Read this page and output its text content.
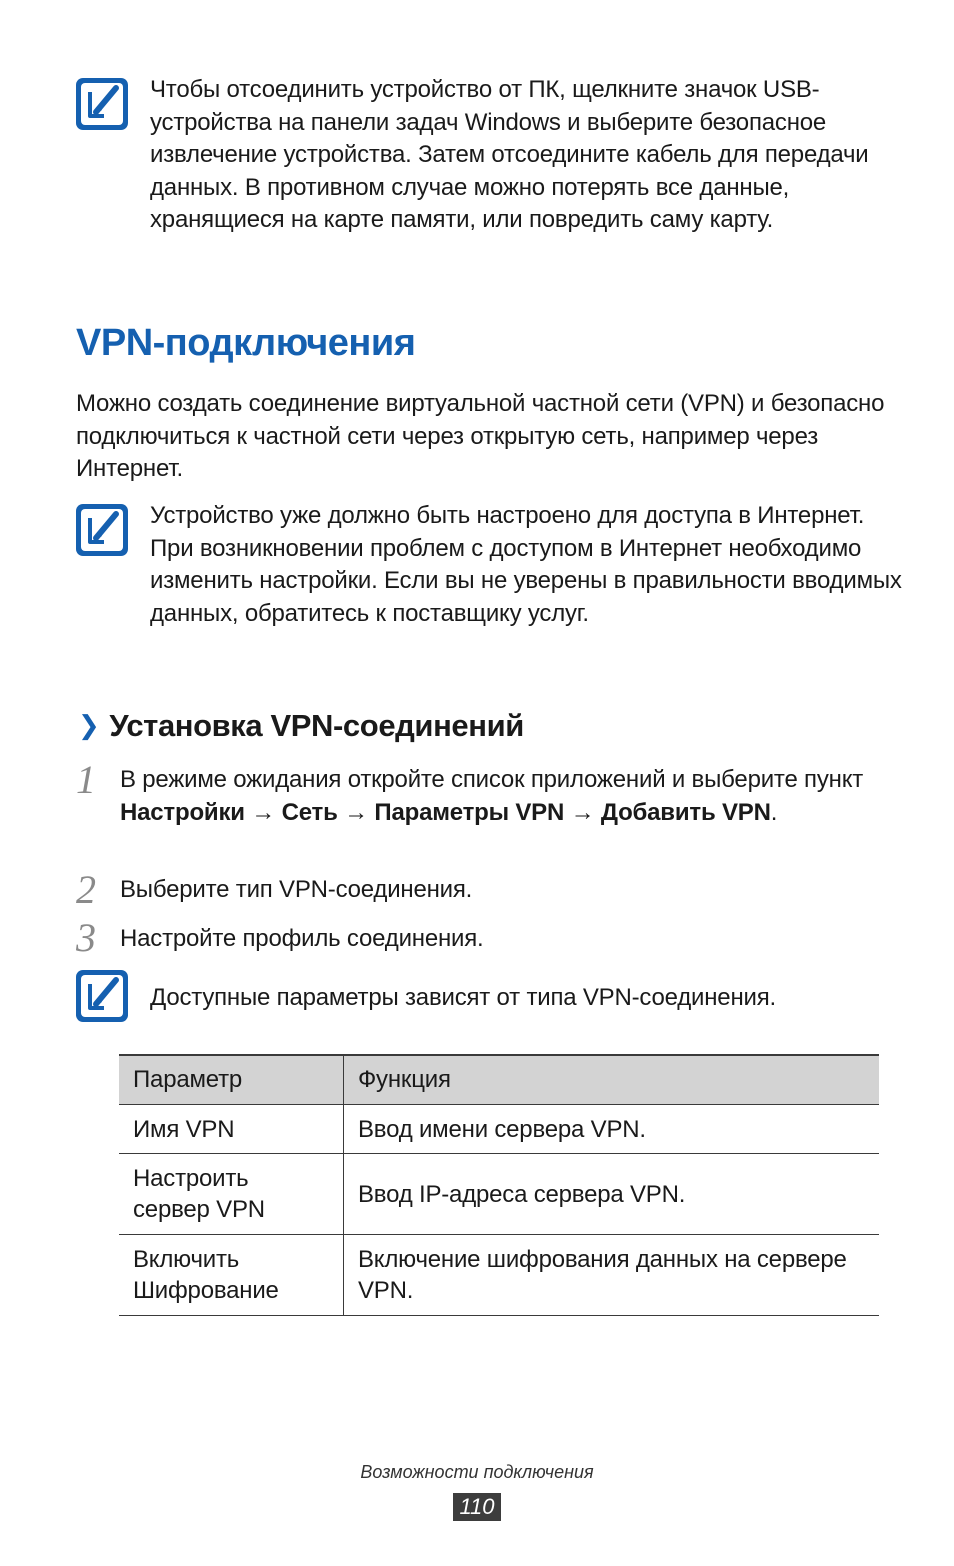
Чтобы отсоединить устройство от ПК, щелкните значок USB-устройства на панели задач Windows и выберите безопасное извлечение устройства. Затем отсоедините кабель для передачи данных. В противном случае можно потерять все данные, хранящиеся на карте памяти, или повредить саму карту.
VPN-подключения
Можно создать соединение виртуальной частной сети (VPN) и безопасно подключиться к частной сети через открытую сеть, например через Интернет.
Устройство уже должно быть настроено для доступа в Интернет. При возникновении проблем с доступом в Интернет необходимо изменить настройки. Если вы не уверены в правильности вводимых данных, обратитесь к поставщику услуг.
❯ Установка VPN-соединений
1	В режиме ожидания откройте список приложений и выберите пункт Настройки → Сеть → Параметры VPN → Добавить VPN.
2	Выберите тип VPN-соединения.
3	Настройте профиль соединения.
Доступные параметры зависят от типа VPN-соединения.
Параметр	Функция
Имя VPN	Ввод имени сервера VPN.
Настроить сервер VPN	Ввод IP-адреса сервера VPN.
Включить Шифрование	Включение шифрования данных на сервере VPN.
Возможности подключения
110
